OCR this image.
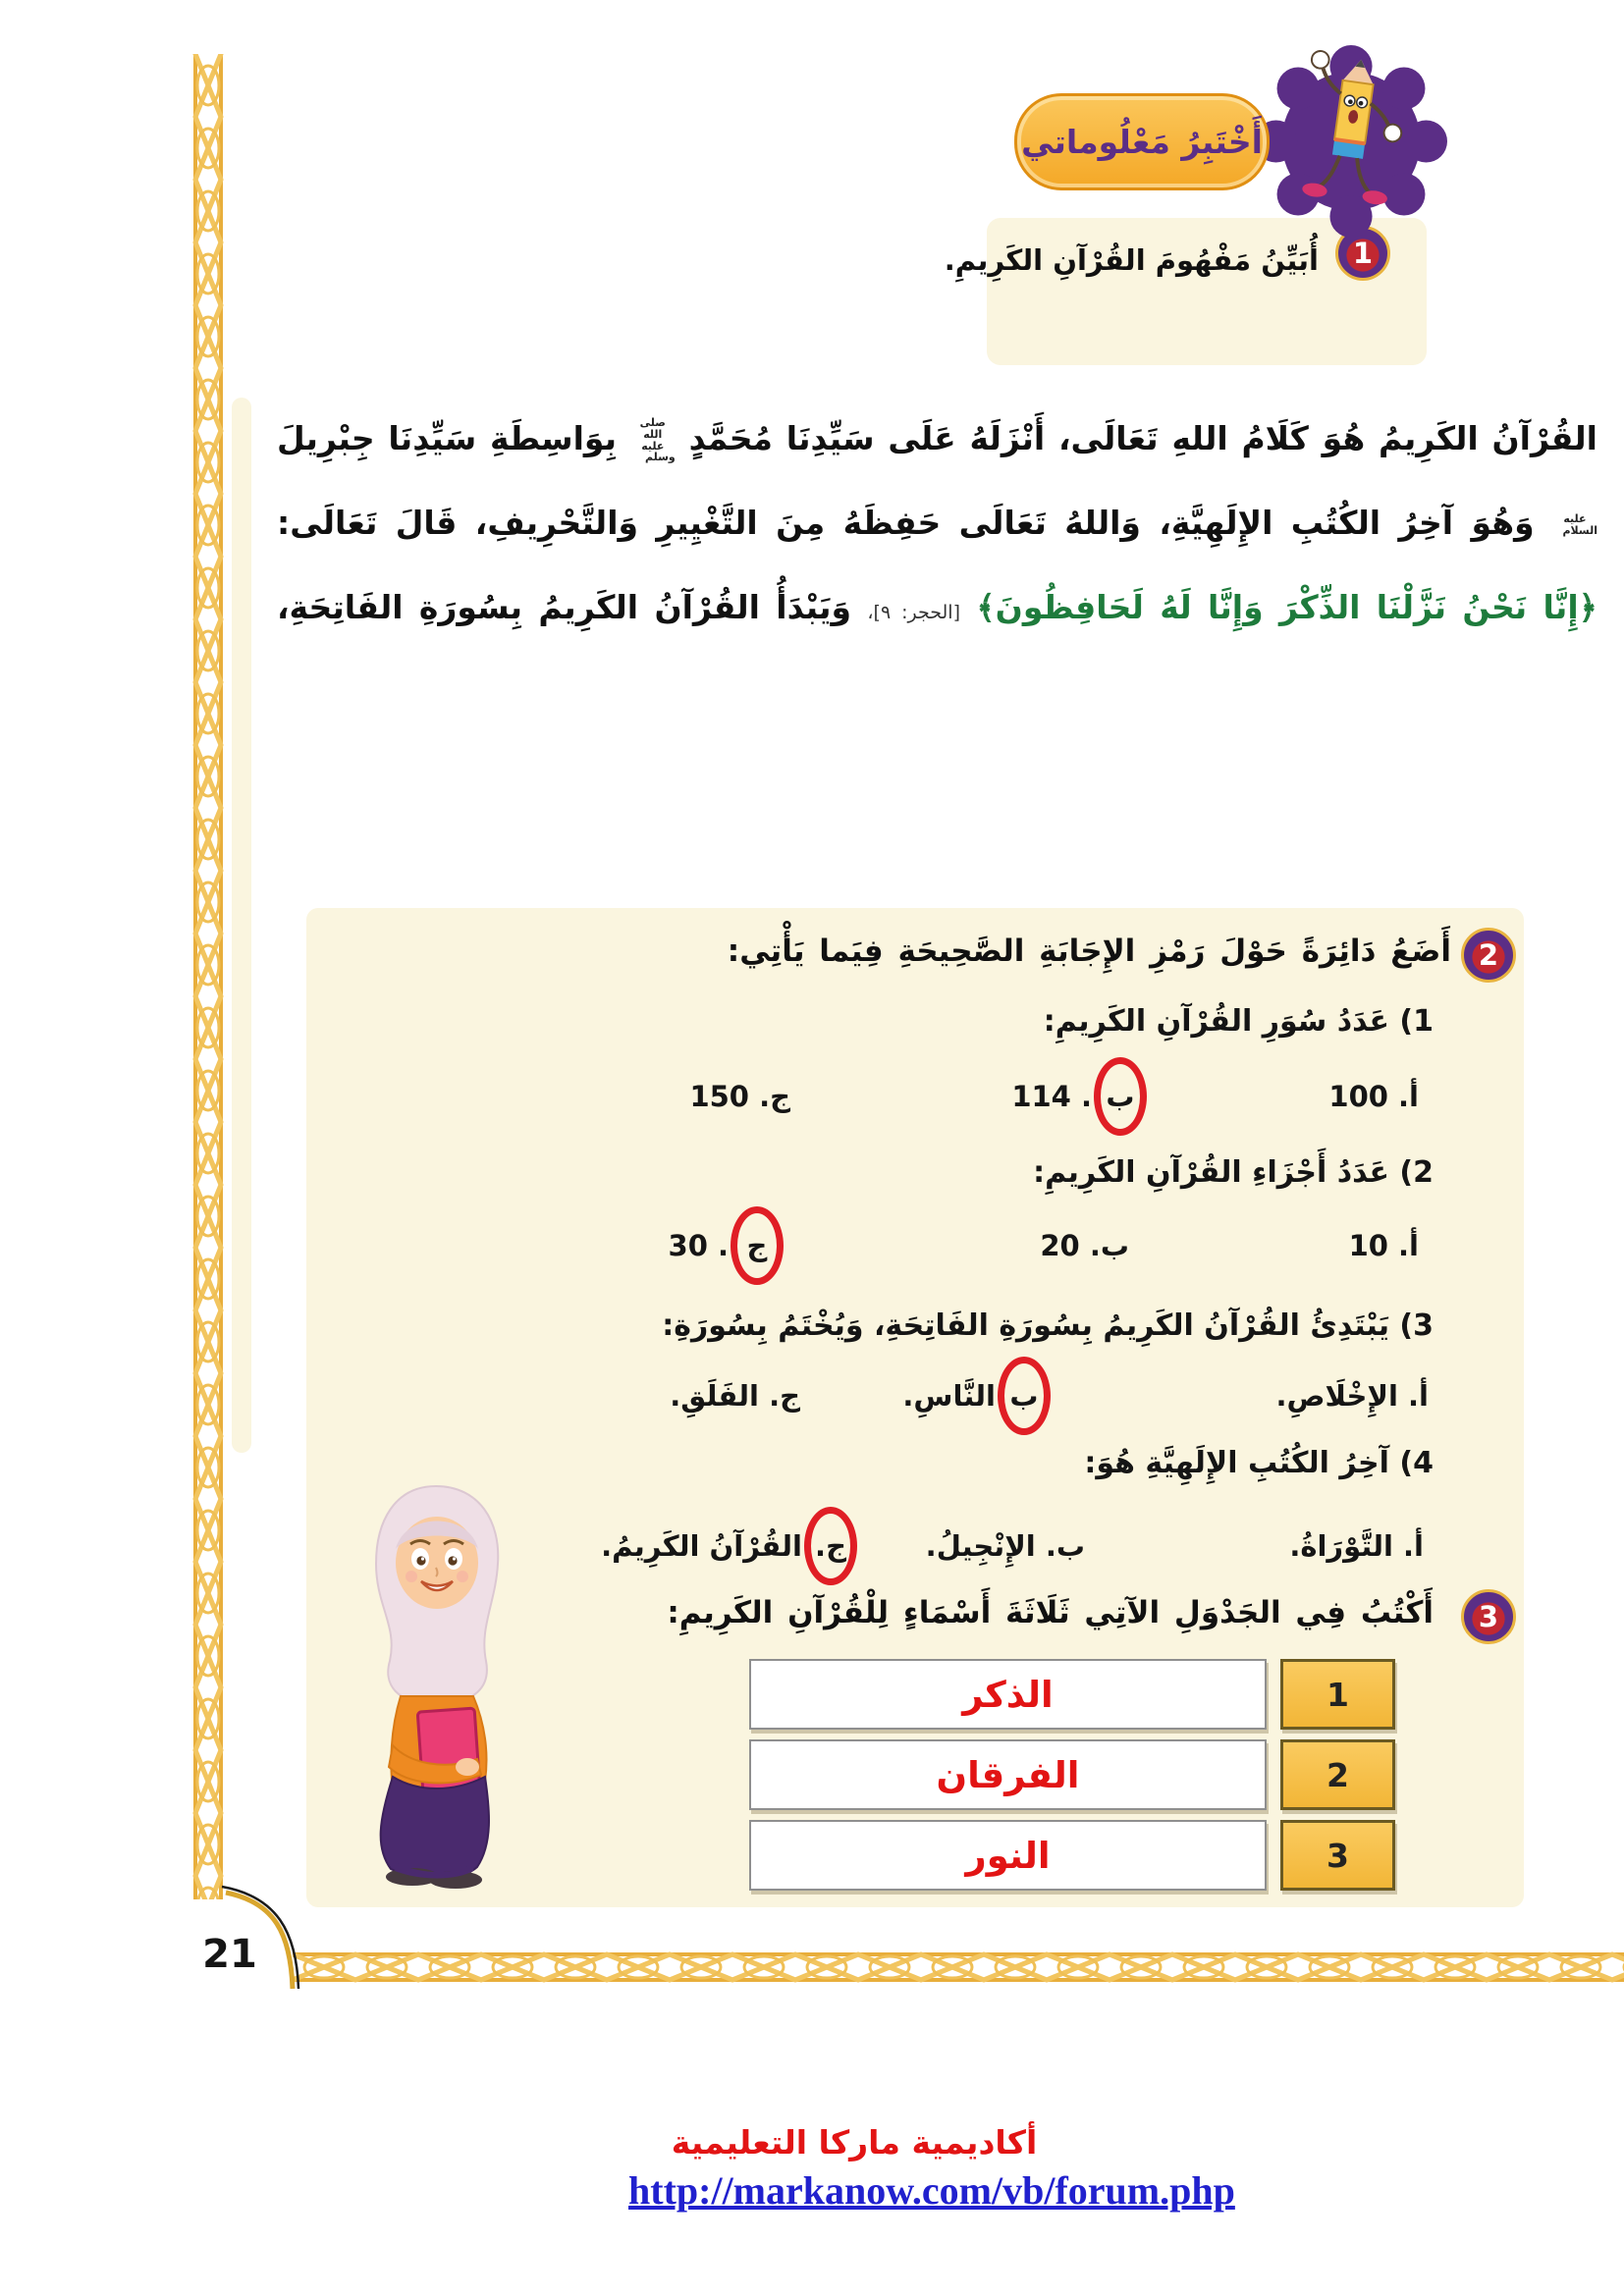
21
أَخْتَبِرُ مَعْلُوماتي
1
أُبَيِّنُ مَفْهُومَ القُرْآنِ الكَرِيمِ.
القُرْآنُ الكَرِيمُ هُوَ كَلَامُ اللهِ تَعَالَى، أَنْزَلَهُ عَلَى سَيِّدِنَا مُحَمَّدٍ صلى الله عليه وسلم بِوَاسِطَةِ سَيِّدِنَا جِبْرِيلَ
عليه السلام وَهُوَ آخِرُ الكُتُبِ الإِلَهِيَّةِ، وَاللهُ تَعَالَى حَفِظَهُ مِنَ التَّغْيِيرِ وَالتَّحْرِيفِ، قَالَ تَعَالَى:
﴿إِنَّا نَحْنُ نَزَّلْنَا الذِّكْرَ وَإِنَّا لَهُ لَحَافِظُونَ﴾ [الحجر: ٩]، وَيَبْدَأُ القُرْآنُ الكَرِيمُ بِسُورَةِ الفَاتِحَةِ،
2
أَضَعُ دَائِرَةً حَوْلَ رَمْزِ الإِجَابَةِ الصَّحِيحَةِ فِيَما يَأْتِي:
1) عَدَدُ سُوَرِ القُرْآنِ الكَرِيمِ:
أ. 100
ب
. 114
ج. 150
2) عَدَدُ أَجْزَاءِ القُرْآنِ الكَرِيمِ:
أ. 10
ب. 20
ج
. 30
3) يَبْتَدِئُ القُرْآنُ الكَرِيمُ بِسُورَةِ الفَاتِحَةِ، وَيُخْتَمُ بِسُورَةِ:
أ. الإِخْلَاصِ.
ب
النَّاسِ.
ج. الفَلَقِ.
4) آخِرُ الكُتُبِ الإِلَهِيَّةِ هُوَ:
أ. التَّوْرَاةُ.
ب. الإِنْجِيلُ.
ج.
القُرْآنُ الكَرِيمُ.
3
أَكْتُبُ فِي الجَدْوَلِ الآتِي ثَلَاثَةَ أَسْمَاءٍ لِلْقُرْآنِ الكَرِيمِ:
1
الذكر
2
الفرقان
3
النور
أكاديمية ماركا التعليمية
http://markanow.com/vb/forum.php
